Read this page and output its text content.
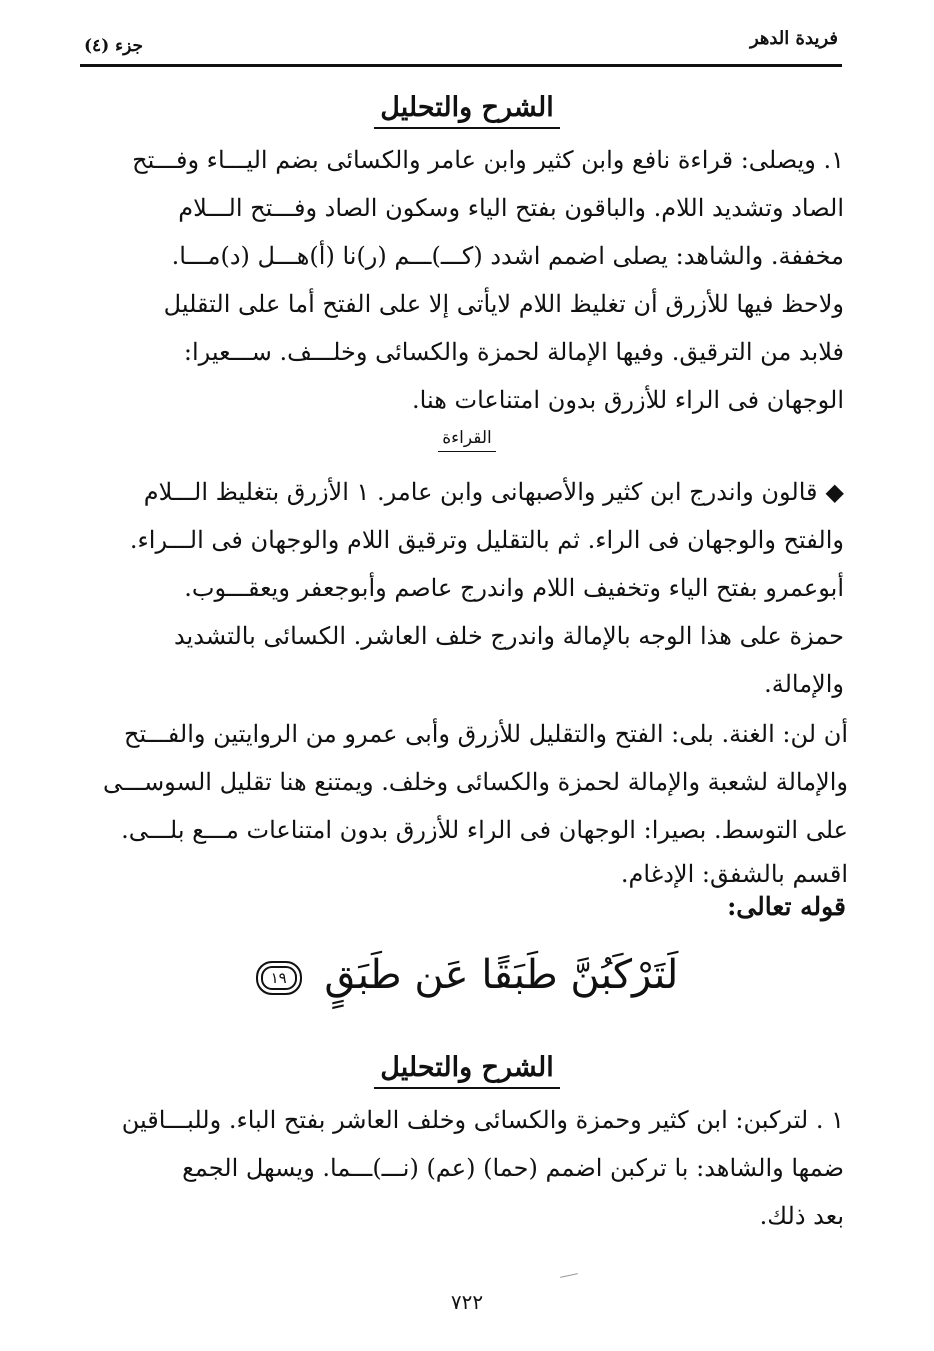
فريدة الدهر
جزء (٤)
الشرح والتحليل
١. ويصلى: قراءة نافع وابن كثير وابن عامر والكسائى بضم اليـــاء وفـــتح
الصاد وتشديد اللام. والباقون بفتح الياء وسكون الصاد وفـــتح الـــلام
مخففة. والشاهد: يصلى اضمم اشدد (كـــ)ـــم (ر)نا (أ)هـــل (د)مـــا.
ولاحظ فيها للأزرق أن تغليظ اللام لايأتى إلا على الفتح أما على التقليل
فلابد من الترقيق. وفيها الإمالة لحمزة والكسائى وخلـــف. ســـعيرا:
الوجهان فى الراء للأزرق بدون امتناعات هنا.
القراءة
◆قالون واندرج ابن كثير والأصبهانى وابن عامر. ١ الأزرق بتغليظ الـــلام
والفتح والوجهان فى الراء. ثم بالتقليل وترقيق اللام والوجهان فى الـــراء.
أبوعمرو بفتح الياء وتخفيف اللام واندرج عاصم وأبوجعفر ويعقـــوب.
حمزة على هذا الوجه بالإمالة واندرج خلف العاشر. الكسائى بالتشديد
والإمالة.
أن لن: الغنة. بلى: الفتح والتقليل للأزرق وأبى عمرو من الروايتين والفـــتح
والإمالة لشعبة والإمالة لحمزة والكسائى وخلف. ويمتنع هنا تقليل السوســـى
على التوسط. بصيرا: الوجهان فى الراء للأزرق بدون امتناعات مـــع بلـــى.
اقسم بالشفق: الإدغام.
قوله تعالى:
لَتَرْكَبُنَّ طَبَقًا عَن طَبَقٍ ١٩
الشرح والتحليل
١ . لتركبن: ابن كثير وحمزة والكسائى وخلف العاشر بفتح الباء. وللبـــاقين
ضمها والشاهد: با تركبن اضمم (حما) (عم) (نـــ)ـــما. ويسهل الجمع
بعد ذلك.
٧٢٢
